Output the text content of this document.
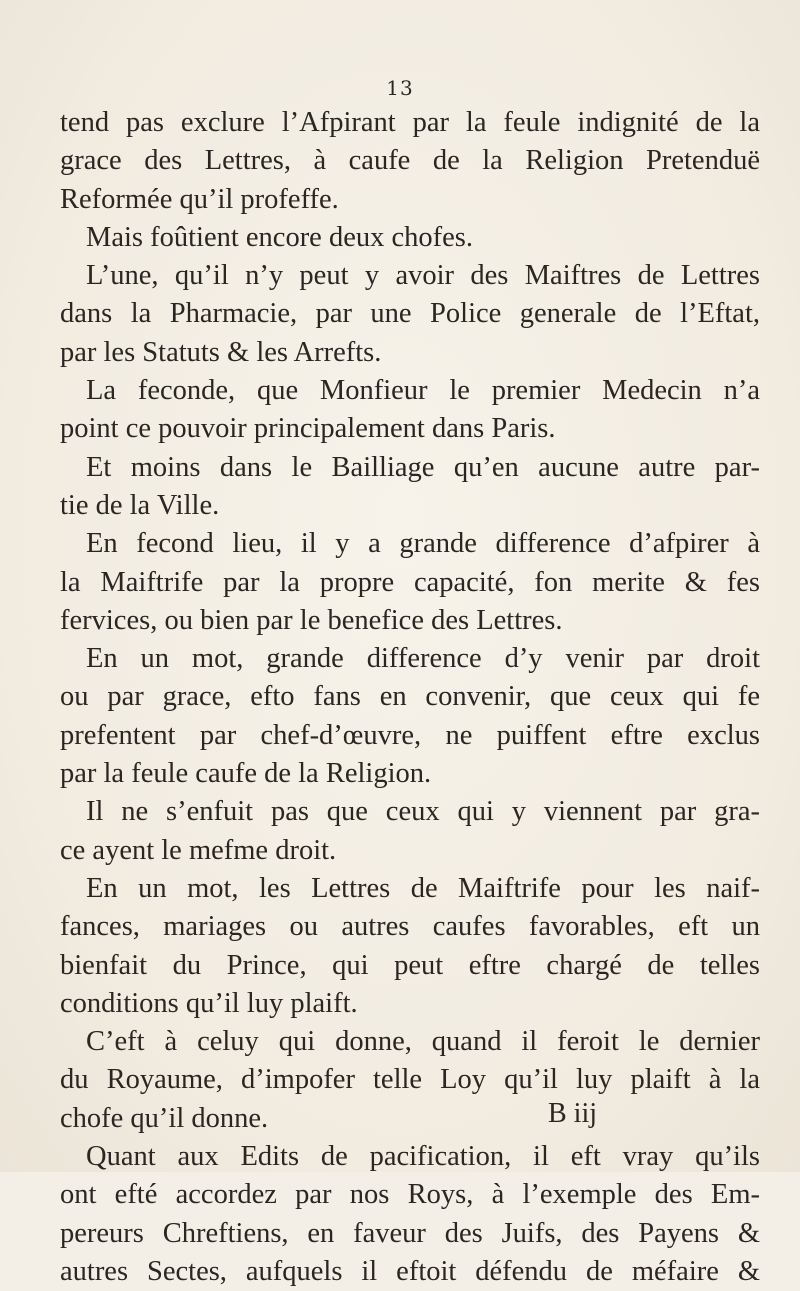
13
tend pas exclure l’Afpirant par la feule indignité de la
grace des Lettres, à caufe de la Religion Pretenduë
Reformée qu’il profeffe.
Mais foûtient encore deux chofes.
L’une, qu’il n’y peut y avoir des Maiftres de Lettres
dans la Pharmacie, par une Police generale de l’Eftat,
par les Statuts & les Arrefts.
La feconde, que Monfieur le premier Medecin n’a
point ce pouvoir principalement dans Paris.
Et moins dans le Bailliage qu’en aucune autre par-
tie de la Ville.
En fecond lieu, il y a grande difference d’afpirer à
la Maiftrife par la propre capacité, fon merite & fes
fervices, ou bien par le benefice des Lettres.
En un mot, grande difference d’y venir par droit
ou par grace, efto fans en convenir, que ceux qui fe
prefentent par chef-d’œuvre, ne puiffent eftre exclus
par la feule caufe de la Religion.
Il ne s’enfuit pas que ceux qui y viennent par gra-
ce ayent le mefme droit.
En un mot, les Lettres de Maiftrife pour les naif-
fances, mariages ou autres caufes favorables, eft un
bienfait du Prince, qui peut eftre chargé de telles
conditions qu’il luy plaift.
C’eft à celuy qui donne, quand il feroit le dernier
du Royaume, d’impofer telle Loy qu’il luy plaift à la
chofe qu’il donne.
Quant aux Edits de pacification, il eft vray qu’ils
ont efté accordez par nos Roys, à l’exemple des Em-
pereurs Chreftiens, en faveur des Juifs, des Payens &
autres Sectes, aufquels il eftoit défendu de méfaire &
B iij
